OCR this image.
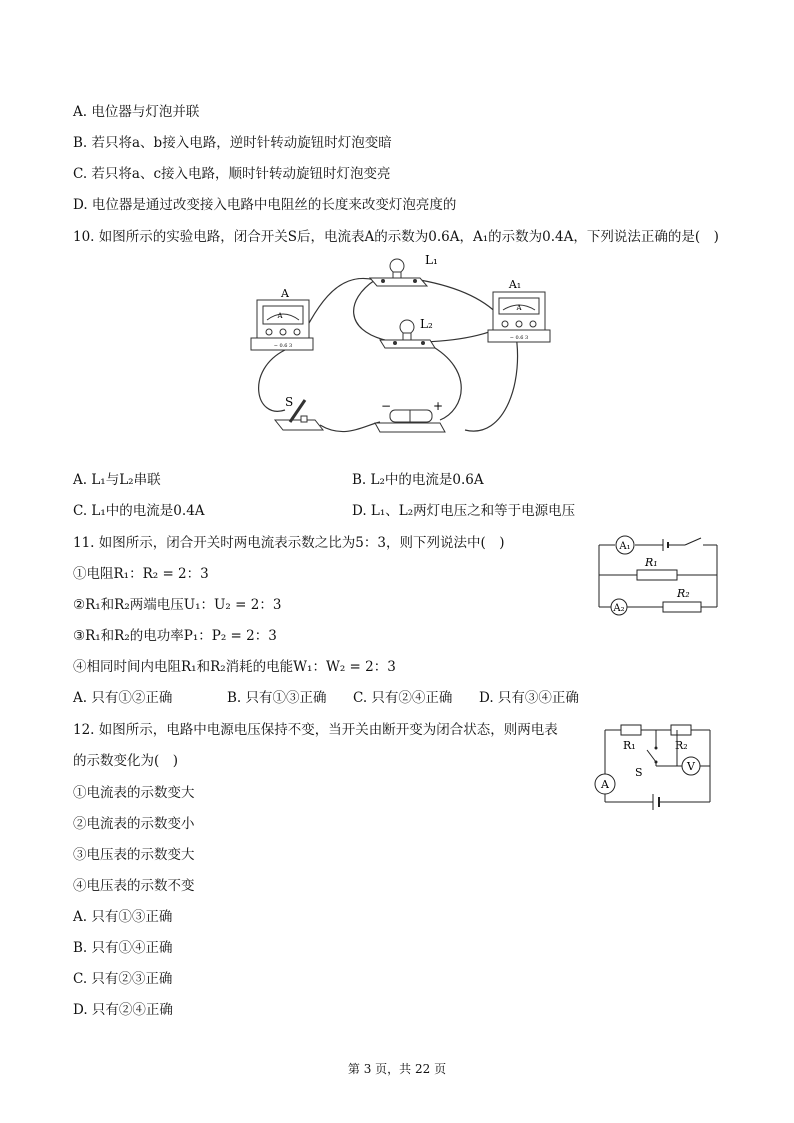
A. 电位器与灯泡并联
B. 若只将a、b接入电路，逆时针转动旋钮时灯泡变暗
C. 若只将a、c接入电路，顺时针转动旋钮时灯泡变亮
D. 电位器是通过改变接入电路中电阻丝的长度来改变灯泡亮度的
10. 如图所示的实验电路，闭合开关S后，电流表A的示数为0.6A，A₁的示数为0.4A，下列说法正确的是(　)
A
− 0.6 3
A
L₁
L₂
A
− 0.6 3
A₁
S	−	+
A. L₁与L₂串联	B. L₂中的电流是0.6A
C. L₁中的电流是0.4A	D. L₁、L₂两灯电压之和等于电源电压
11. 如图所示，闭合开关时两电流表示数之比为5：3，则下列说法中(　)
①电阻R₁：R₂ = 2：3
②R₁和R₂两端电压U₁：U₂ = 2：3
③R₁和R₂的电功率P₁：P₂ = 2：3
④相同时间内电阻R₁和R₂消耗的电能W₁：W₂ = 2：3
A. 只有①②正确	B. 只有①③正确 C. 只有②④正确 D. 只有③④正确
A₁
R₁
A₂
R₂
12. 如图所示，电路中电源电压保持不变，当开关由断开变为闭合状态，则两电表
的示数变化为(　)
①电流表的示数变大
②电流表的示数变小
③电压表的示数变大
④电压表的示数不变
A. 只有①③正确
B. 只有①④正确
C. 只有②③正确
D. 只有②④正确
R₁	R₂
A
S	V
第 3 页，共 22 页
